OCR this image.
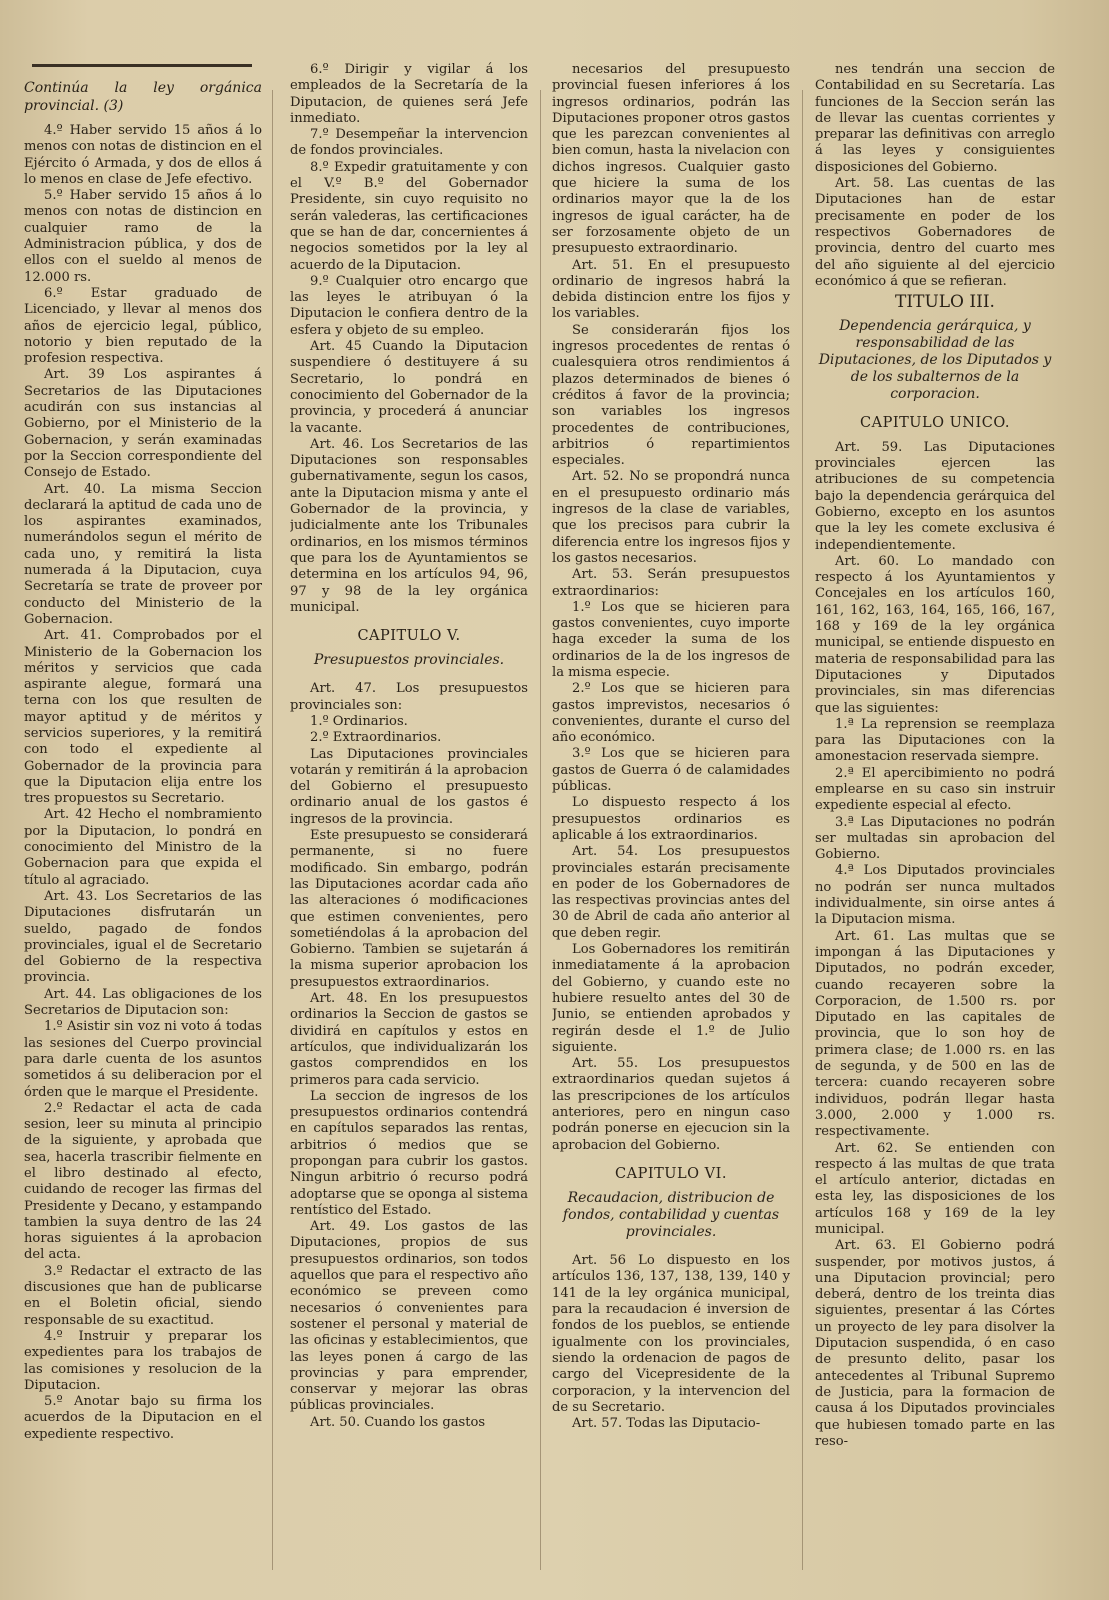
Continúa la ley orgánica provincial. (3)

4.º Haber servido 15 años á lo menos con notas de distincion en el Ejército ó Armada, y dos de ellos á lo menos en clase de Jefe efectivo.

5.º Haber servido 15 años á lo menos con notas de distincion en cualquier ramo de la Administracion pública, y dos de ellos con el sueldo al menos de 12.000 rs.

6.º Estar graduado de Licenciado, y llevar al menos dos años de ejercicio legal, público, notorio y bien reputado de la profesion respectiva.

Art. 39 Los aspirantes á Secretarios de las Diputaciones acudirán con sus instancias al Gobierno, por el Ministerio de la Gobernacion, y serán examinadas por la Seccion correspondiente del Consejo de Estado.

Art. 40. La misma Seccion declarará la aptitud de cada uno de los aspirantes examinados, numerándolos segun el mérito de cada uno, y remitirá la lista numerada á la Diputacion, cuya Secretaría se trate de proveer por conducto del Ministerio de la Gobernacion.

Art. 41. Comprobados por el Ministerio de la Gobernacion los méritos y servicios que cada aspirante alegue, formará una terna con los que resulten de mayor aptitud y de méritos y servicios superiores, y la remitirá con todo el expediente al Gobernador de la provincia para que la Diputacion elija entre los tres propuestos su Secretario.

Art. 42 Hecho el nombramiento por la Diputacion, lo pondrá en conocimiento del Ministro de la Gobernacion para que expida el título al agraciado.

Art. 43. Los Secretarios de las Diputaciones disfrutarán un sueldo, pagado de fondos provinciales, igual el de Secretario del Gobierno de la respectiva provincia.

Art. 44. Las obligaciones de los Secretarios de Diputacion son:

1.º Asistir sin voz ni voto á todas las sesiones del Cuerpo provincial para darle cuenta de los asuntos sometidos á su deliberacion por el órden que le marque el Presidente.

2.º Redactar el acta de cada sesion, leer su minuta al principio de la siguiente, y aprobada que sea, hacerla trascribir fielmente en el libro destinado al efecto, cuidando de recoger las firmas del Presidente y Decano, y estampando tambien la suya dentro de las 24 horas siguientes á la aprobacion del acta.

3.º Redactar el extracto de las discusiones que han de publicarse en el Boletin oficial, siendo responsable de su exactitud.

4.º Instruir y preparar los expedientes para los trabajos de las comisiones y resolucion de la Diputacion.

5.º Anotar bajo su firma los acuerdos de la Diputacion en el expediente respectivo.

6.º Dirigir y vigilar á los empleados de la Secretaría de la Diputacion, de quienes será Jefe inmediato.

7.º Desempeñar la intervencion de fondos provinciales.

8.º Expedir gratuitamente y con el V.º B.º del Gobernador Presidente, sin cuyo requisito no serán valederas, las certificaciones que se han de dar, concernientes á negocios sometidos por la ley al acuerdo de la Diputacion.

9.º Cualquier otro encargo que las leyes le atribuyan ó la Diputacion le confiera dentro de la esfera y objeto de su empleo.

Art. 45 Cuando la Diputacion suspendiere ó destituyere á su Secretario, lo pondrá en conocimiento del Gobernador de la provincia, y procederá á anunciar la vacante.

Art. 46. Los Secretarios de las Diputaciones son responsables gubernativamente, segun los casos, ante la Diputacion misma y ante el Gobernador de la provincia, y judicialmente ante los Tribunales ordinarios, en los mismos términos que para los de Ayuntamientos se determina en los artículos 94, 96, 97 y 98 de la ley orgánica municipal.

CAPITULO V.

Presupuestos provinciales.

Art. 47. Los presupuestos provinciales son:

1.º Ordinarios.

2.º Extraordinarios.

Las Diputaciones provinciales votarán y remitirán á la aprobacion del Gobierno el presupuesto ordinario anual de los gastos é ingresos de la provincia.

Este presupuesto se considerará permanente, si no fuere modificado. Sin embargo, podrán las Diputaciones acordar cada año las alteraciones ó modificaciones que estimen convenientes, pero sometiéndolas á la aprobacion del Gobierno. Tambien se sujetarán á la misma superior aprobacion los presupuestos extraordinarios.

Art. 48. En los presupuestos ordinarios la Seccion de gastos se dividirá en capítulos y estos en artículos, que individualizarán los gastos comprendidos en los primeros para cada servicio.

La seccion de ingresos de los presupuestos ordinarios contendrá en capítulos separados las rentas, arbitrios ó medios que se propongan para cubrir los gastos. Ningun arbitrio ó recurso podrá adoptarse que se oponga al sistema rentístico del Estado.

Art. 49. Los gastos de las Diputaciones, propios de sus presupuestos ordinarios, son todos aquellos que para el respectivo año económico se preveen como necesarios ó convenientes para sostener el personal y material de las oficinas y establecimientos, que las leyes ponen á cargo de las provincias y para emprender, conservar y mejorar las obras públicas provinciales.

Art. 50. Cuando los gastos

necesarios del presupuesto provincial fuesen inferiores á los ingresos ordinarios, podrán las Diputaciones proponer otros gastos que les parezcan convenientes al bien comun, hasta la nivelacion con dichos ingresos. Cualquier gasto que hiciere la suma de los ordinarios mayor que la de los ingresos de igual carácter, ha de ser forzosamente objeto de un presupuesto extraordinario.

Art. 51. En el presupuesto ordinario de ingresos habrá la debida distincion entre los fijos y los variables.

Se considerarán fijos los ingresos procedentes de rentas ó cualesquiera otros rendimientos á plazos determinados de bienes ó créditos á favor de la provincia; son variables los ingresos procedentes de contribuciones, arbitrios ó repartimientos especiales.

Art. 52. No se propondrá nunca en el presupuesto ordinario más ingresos de la clase de variables, que los precisos para cubrir la diferencia entre los ingresos fijos y los gastos necesarios.

Art. 53. Serán presupuestos extraordinarios:

1.º Los que se hicieren para gastos convenientes, cuyo importe haga exceder la suma de los ordinarios de la de los ingresos de la misma especie.

2.º Los que se hicieren para gastos imprevistos, necesarios ó convenientes, durante el curso del año económico.

3.º Los que se hicieren para gastos de Guerra ó de calamidades públicas.

Lo dispuesto respecto á los presupuestos ordinarios es aplicable á los extraordinarios.

Art. 54. Los presupuestos provinciales estarán precisamente en poder de los Gobernadores de las respectivas provincias antes del 30 de Abril de cada año anterior al que deben regir.

Los Gobernadores los remitirán inmediatamente á la aprobacion del Gobierno, y cuando este no hubiere resuelto antes del 30 de Junio, se entienden aprobados y regirán desde el 1.º de Julio siguiente.

Art. 55. Los presupuestos extraordinarios quedan sujetos á las prescripciones de los artículos anteriores, pero en ningun caso podrán ponerse en ejecucion sin la aprobacion del Gobierno.

CAPITULO VI.

Recaudacion, distribucion de fondos, contabilidad y cuentas provinciales.

Art. 56 Lo dispuesto en los artículos 136, 137, 138, 139, 140 y 141 de la ley orgánica municipal, para la recaudacion é inversion de fondos de los pueblos, se entiende igualmente con los provinciales, siendo la ordenacion de pagos de cargo del Vicepresidente de la corporacion, y la intervencion del de su Secretario.

Art. 57. Todas las Diputacio-

nes tendrán una seccion de Contabilidad en su Secretaría. Las funciones de la Seccion serán las de llevar las cuentas corrientes y preparar las definitivas con arreglo á las leyes y consiguientes disposiciones del Gobierno.

Art. 58. Las cuentas de las Diputaciones han de estar precisamente en poder de los respectivos Gobernadores de provincia, dentro del cuarto mes del año siguiente al del ejercicio económico á que se refieran.

TITULO III.

Dependencia gerárquica, y responsabilidad de las Diputaciones, de los Diputados y de los subalternos de la corporacion.

CAPITULO UNICO.

Art. 59. Las Diputaciones provinciales ejercen las atribuciones de su competencia bajo la dependencia gerárquica del Gobierno, excepto en los asuntos que la ley les comete exclusiva é independientemente.

Art. 60. Lo mandado con respecto á los Ayuntamientos y Concejales en los artículos 160, 161, 162, 163, 164, 165, 166, 167, 168 y 169 de la ley orgánica municipal, se entiende dispuesto en materia de responsabilidad para las Diputaciones y Diputados provinciales, sin mas diferencias que las siguientes:

1.ª La reprension se reemplaza para las Diputaciones con la amonestacion reservada siempre.

2.ª El apercibimiento no podrá emplearse en su caso sin instruir expediente especial al efecto.

3.ª Las Diputaciones no podrán ser multadas sin aprobacion del Gobierno.

4.ª Los Diputados provinciales no podrán ser nunca multados individualmente, sin oirse antes á la Diputacion misma.

Art. 61. Las multas que se impongan á las Diputaciones y Diputados, no podrán exceder, cuando recayeren sobre la Corporacion, de 1.500 rs. por Diputado en las capitales de provincia, que lo son hoy de primera clase; de 1.000 rs. en las de segunda, y de 500 en las de tercera: cuando recayeren sobre individuos, podrán llegar hasta 3.000, 2.000 y 1.000 rs. respectivamente.

Art. 62. Se entienden con respecto á las multas de que trata el artículo anterior, dictadas en esta ley, las disposiciones de los artículos 168 y 169 de la ley municipal.

Art. 63. El Gobierno podrá suspender, por motivos justos, á una Diputacion provincial; pero deberá, dentro de los treinta dias siguientes, presentar á las Córtes un proyecto de ley para disolver la Diputacion suspendida, ó en caso de presunto delito, pasar los antecedentes al Tribunal Supremo de Justicia, para la formacion de causa á los Diputados provinciales que hubiesen tomado parte en las reso-
